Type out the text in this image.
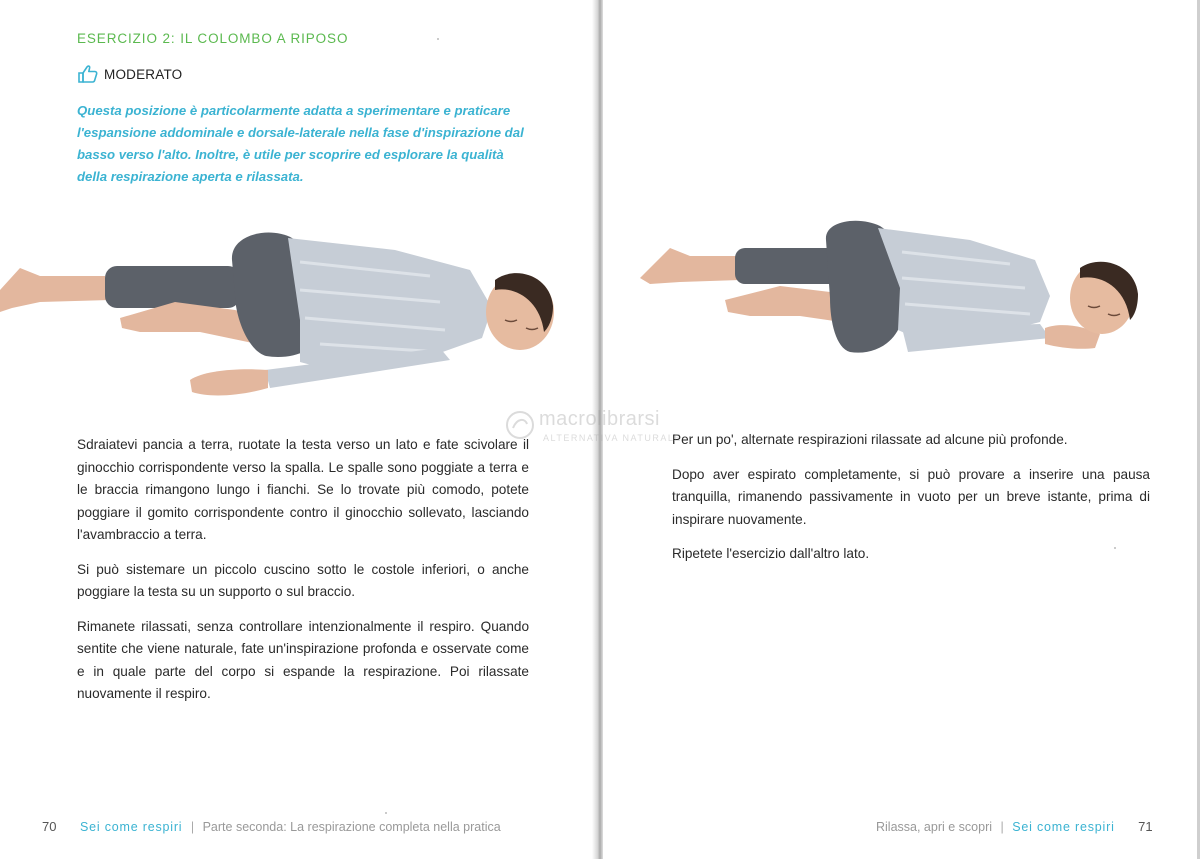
ESERCIZIO 2: IL COLOMBO A RIPOSO
MODERATO
Questa posizione è particolarmente adatta a sperimentare e praticare l'espansione addominale e dorsale-laterale nella fase d'inspirazione dal basso verso l'alto. Inoltre, è utile per scoprire ed esplorare la qualità della respirazione aperta e rilassata.

Sdraiatevi pancia a terra, ruotate la testa verso un lato e fate scivolare il ginocchio corrispondente verso la spalla. Le spalle sono poggiate a terra e le braccia rimangono lungo i fianchi. Se lo trovate più comodo, potete poggiare il gomito corrispondente contro il ginocchio sollevato, lasciando l'avambraccio a terra.

Si può sistemare un piccolo cuscino sotto le costole inferiori, o anche poggiare la testa su un supporto o sul braccio.

Rimanete rilassati, senza controllare intenzionalmente il respiro. Quando sentite che viene naturale, fate un'inspirazione profonda e osservate come e in quale parte del corpo si espande la respirazione. Poi rilassate nuovamente il respiro.

70 Sei come respiri | Parte seconda: La respirazione completa nella pratica

Per un po', alternate respirazioni rilassate ad alcune più profonde.

Dopo aver espirato completamente, si può provare a inserire una pausa tranquilla, rimanendo passivamente in vuoto per un breve istante, prima di inspirare nuovamente.

Ripetete l'esercizio dall'altro lato.

Rilassa, apri e scopri | Sei come respiri 71
macrolibrarsi
ALTERNATIVA NATURALE
